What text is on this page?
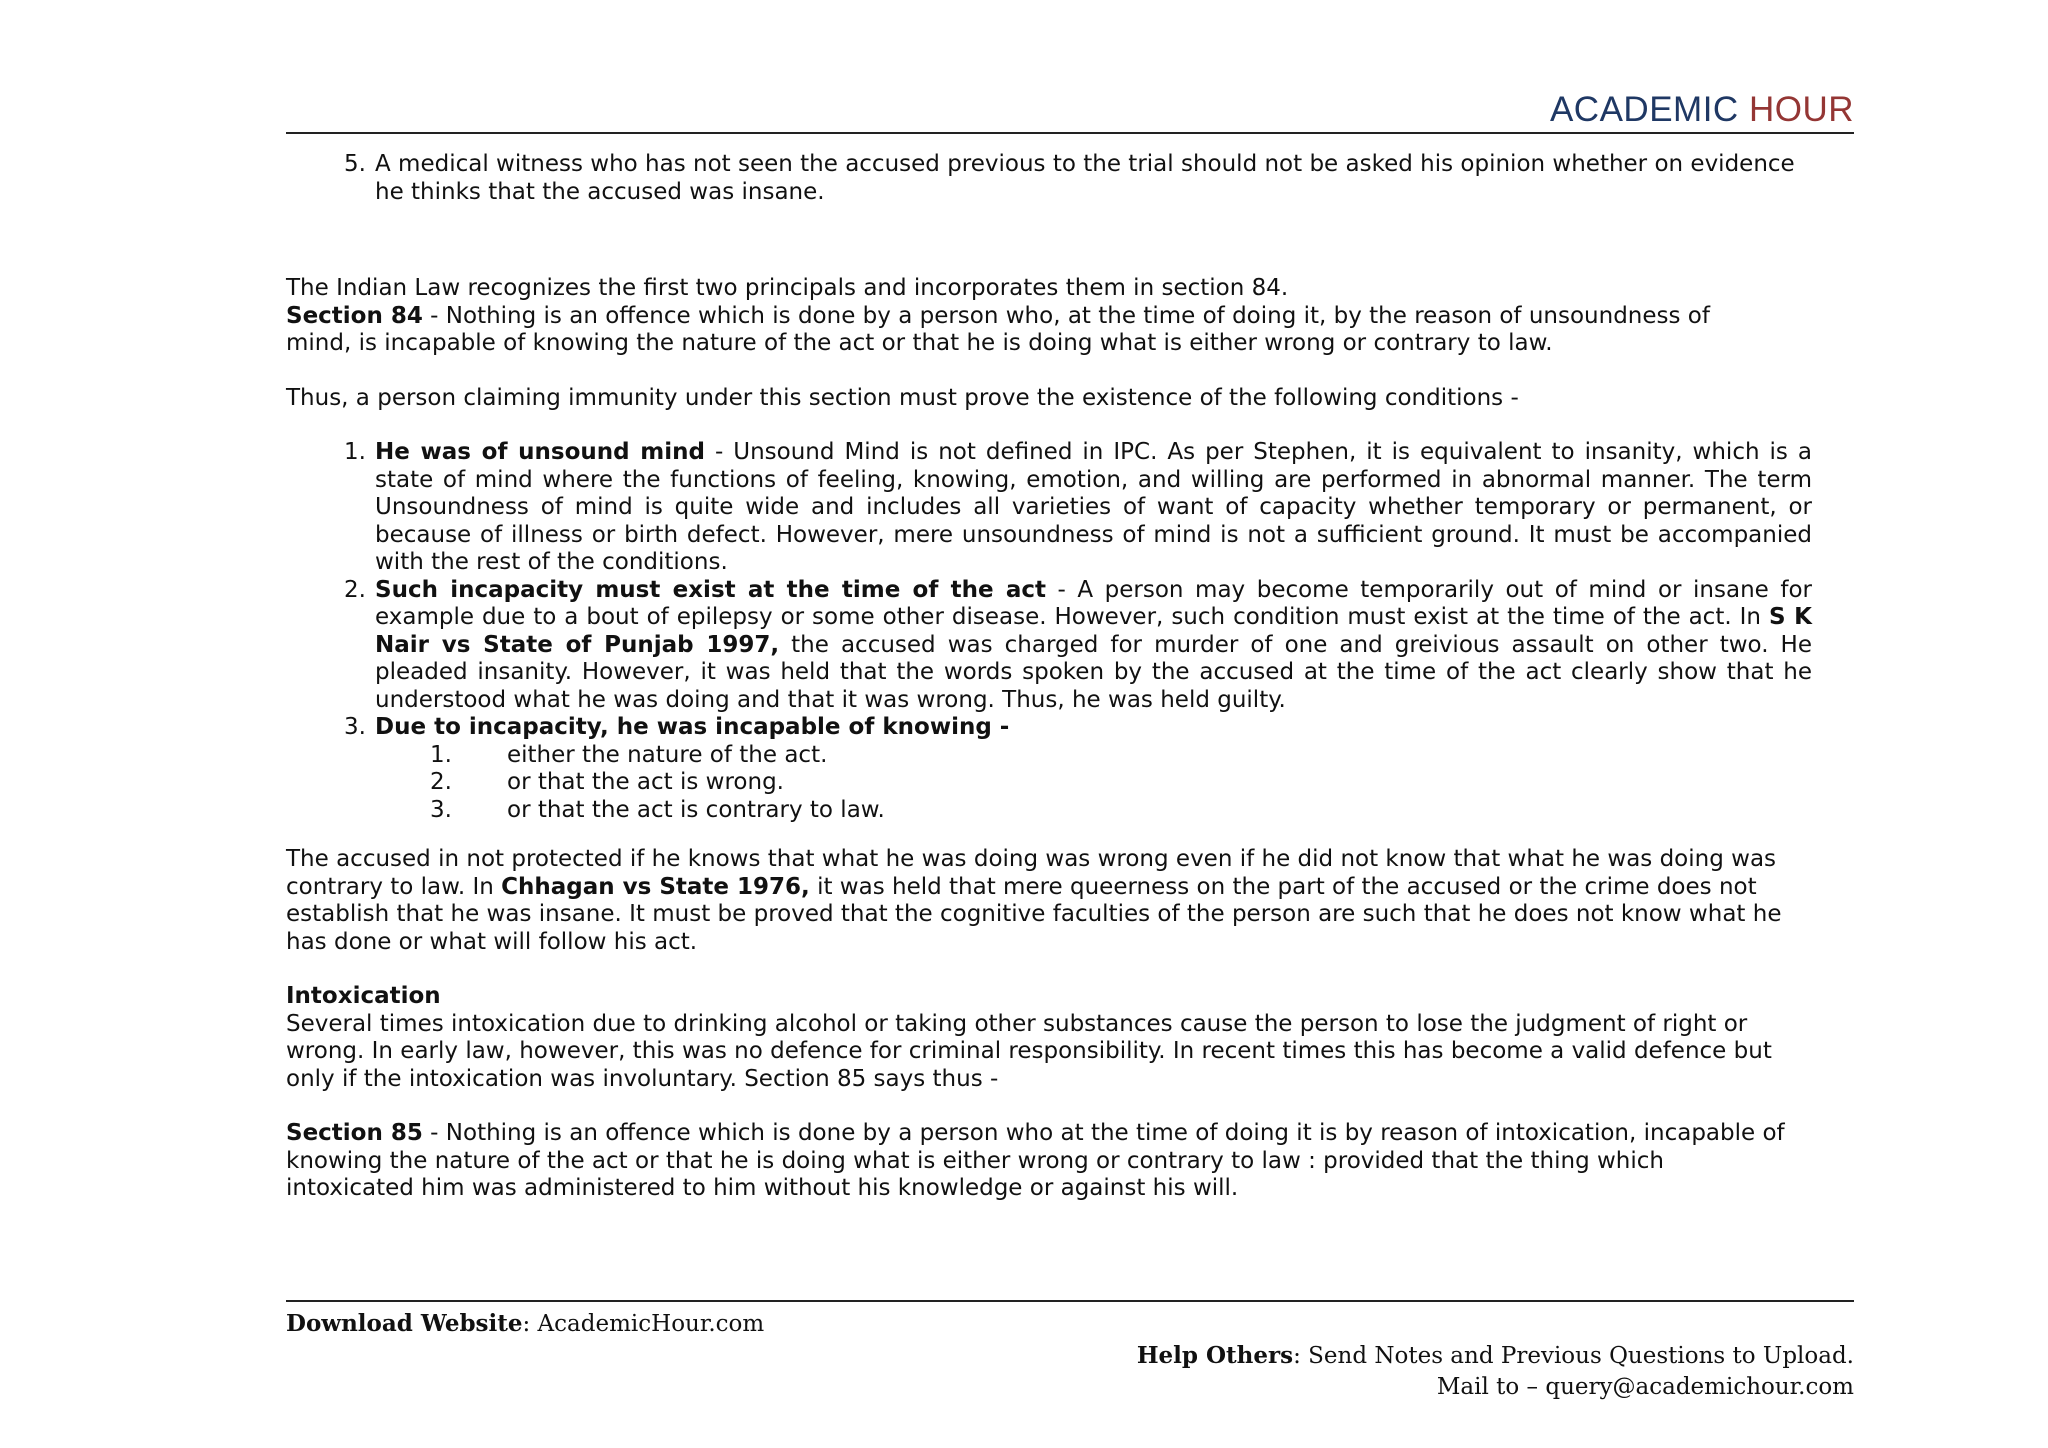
ACADEMIC HOUR
5. A medical witness who has not seen the accused previous to the trial should not be asked his opinion whether on evidence
he thinks that the accused was insane.

The Indian Law recognizes the first two principals and incorporates them in section 84.

Section 84 - Nothing is an offence which is done by a person who, at the time of doing it, by the reason of unsoundness of mind, is incapable of knowing the nature of the act or that he is doing what is either wrong or contrary to law.

Thus, a person claiming immunity under this section must prove the existence of the following conditions -

1. He was of unsound mind - Unsound Mind is not defined in IPC. As per Stephen, it is equivalent to insanity, which is a state of mind where the functions of feeling, knowing, emotion, and willing are performed in abnormal manner. The term Unsoundness of mind is quite wide and includes all varieties of want of capacity whether temporary or permanent, or because of illness or birth defect. However, mere unsoundness of mind is not a sufficient ground. It must be accompanied with the rest of the conditions.
2. Such incapacity must exist at the time of the act - A person may become temporarily out of mind or insane for example due to a bout of epilepsy or some other disease. However, such condition must exist at the time of the act. In S K Nair vs State of Punjab 1997, the accused was charged for murder of one and greivious assault on other two. He pleaded insanity. However, it was held that the words spoken by the accused at the time of the act clearly show that he understood what he was doing and that it was wrong. Thus, he was held guilty.
3. Due to incapacity, he was incapable of knowing -
1. either the nature of the act.
2. or that the act is wrong.
3. or that the act is contrary to law.

The accused in not protected if he knows that what he was doing was wrong even if he did not know that what he was doing was contrary to law. In Chhagan vs State 1976, it was held that mere queerness on the part of the accused or the crime does not establish that he was insane. It must be proved that the cognitive faculties of the person are such that he does not know what he has done or what will follow his act.

Intoxication

Several times intoxication due to drinking alcohol or taking other substances cause the person to lose the judgment of right or wrong. In early law, however, this was no defence for criminal responsibility. In recent times this has become a valid defence but only if the intoxication was involuntary. Section 85 says thus -

Section 85 - Nothing is an offence which is done by a person who at the time of doing it is by reason of intoxication, incapable of knowing the nature of the act or that he is doing what is either wrong or contrary to law : provided that the thing which intoxicated him was administered to him without his knowledge or against his will.

Download Website: AcademicHour.com
Help Others: Send Notes and Previous Questions to Upload.
Mail to – query@academichour.com
